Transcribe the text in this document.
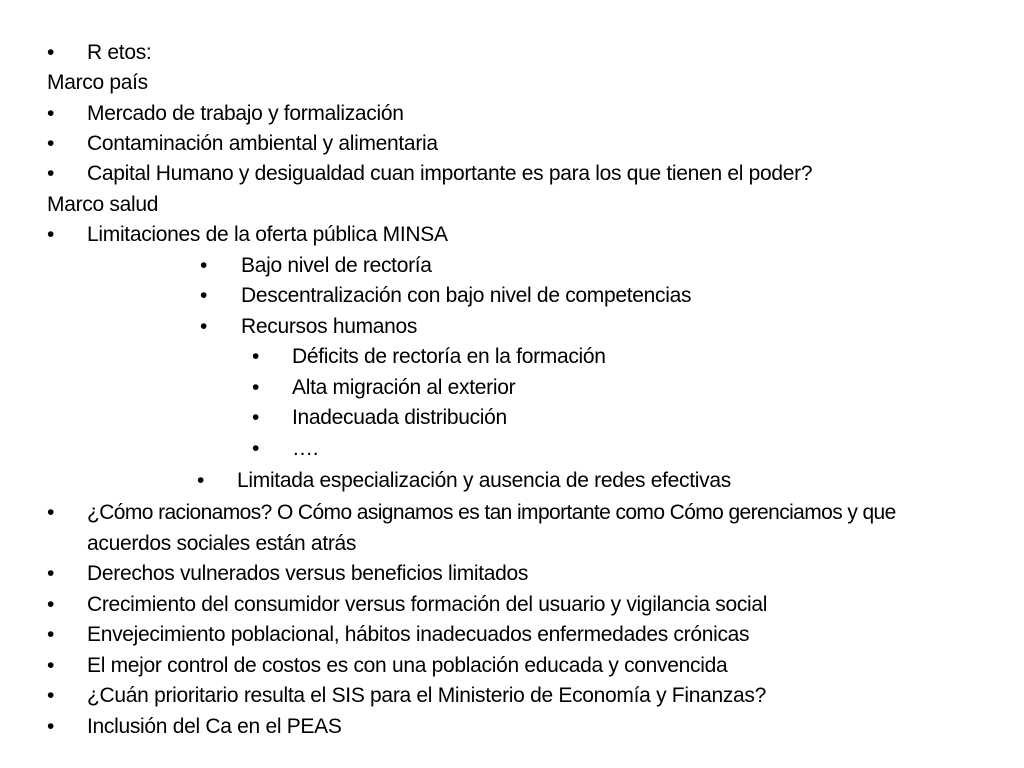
• R etos:
Marco país
• Mercado de trabajo y formalización
• Contaminación ambiental y alimentaria
• Capital Humano y desigualdad cuan importante es para los que tienen el poder?
Marco salud
• Limitaciones de la oferta pública MINSA
• Bajo nivel de rectoría
• Descentralización con bajo nivel de competencias
• Recursos humanos
• Déficits de rectoría en la formación
• Alta migración al exterior
• Inadecuada distribución
• ….
• Limitada especialización y ausencia de redes efectivas
• ¿Cómo racionamos? O Cómo asignamos es tan importante como Cómo gerenciamos y que
acuerdos sociales están atrás
• Derechos vulnerados versus beneficios limitados
• Crecimiento del consumidor versus formación del usuario y vigilancia social
• Envejecimiento poblacional, hábitos inadecuados enfermedades crónicas
• El mejor control de costos es con una población educada y convencida
• ¿Cuán prioritario resulta el SIS para el Ministerio de Economía y Finanzas?
• Inclusión del Ca en el PEAS
